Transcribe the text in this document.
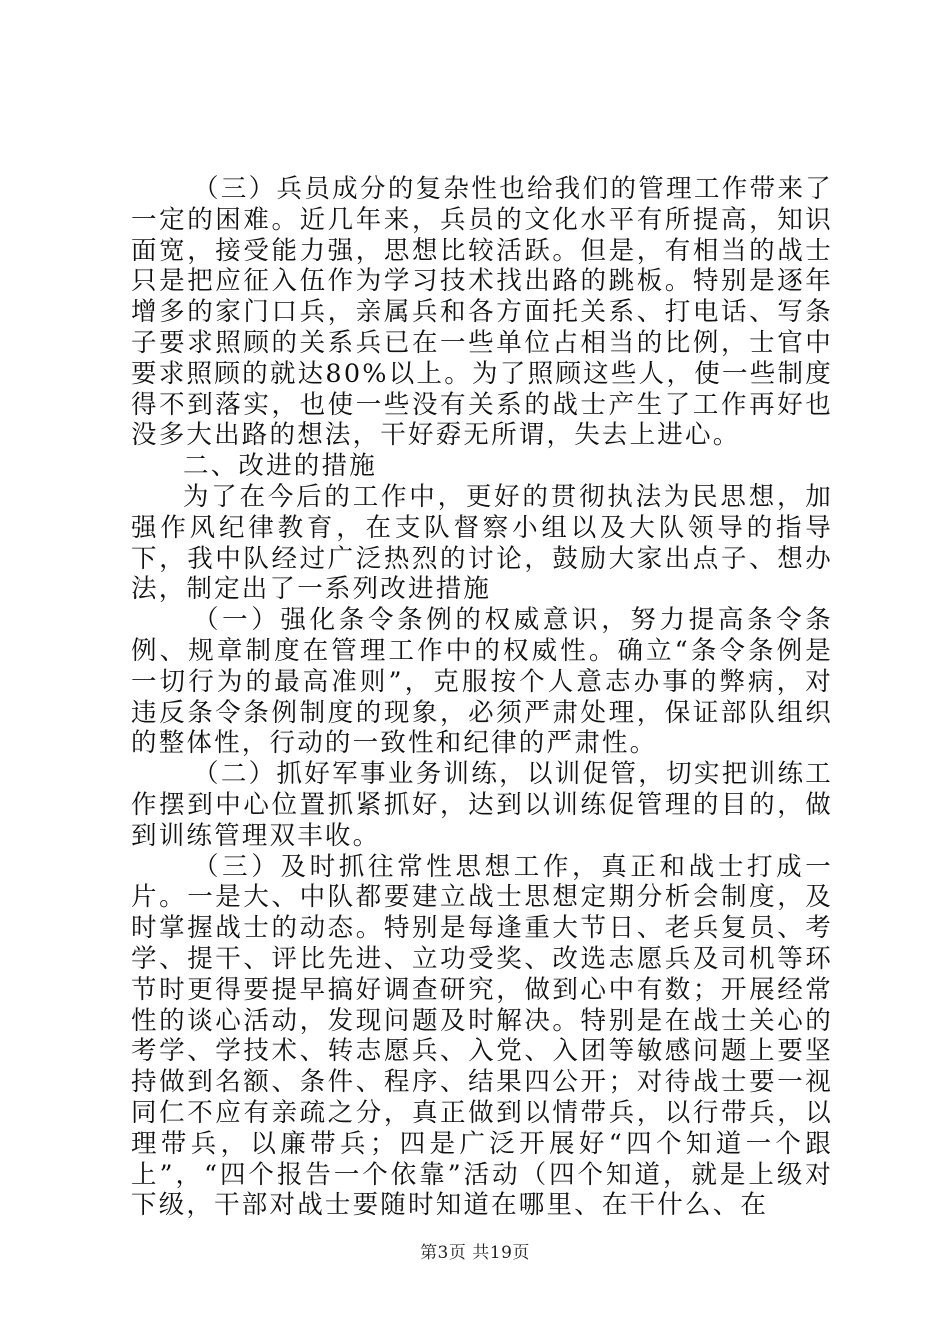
（三）兵员成分的复杂性也给我们的管理工作带来了一定的困难。近几年来，兵员的文化水平有所提高，知识面宽，接受能力强，思想比较活跃。但是，有相当的战士只是把应征入伍作为学习技术找出路的跳板。特别是逐年增多的家门口兵，亲属兵和各方面托关系、打电话、写条子要求照顾的关系兵已在一些单位占相当的比例，士官中要求照顾的就达80%以上。为了照顾这些人，使一些制度得不到落实，也使一些没有关系的战士产生了工作再好也没多大出路的想法，干好孬无所谓，失去上进心。

二、改进的措施

为了在今后的工作中，更好的贯彻执法为民思想，加强作风纪律教育，在支队督察小组以及大队领导的指导下，我中队经过广泛热烈的讨论，鼓励大家出点子、想办法，制定出了一系列改进措施

（一）强化条令条例的权威意识，努力提高条令条例、规章制度在管理工作中的权威性。确立“条令条例是一切行为的最高准则”，克服按个人意志办事的弊病，对违反条令条例制度的现象，必须严肃处理，保证部队组织的整体性，行动的一致性和纪律的严肃性。

（二）抓好军事业务训练，以训促管，切实把训练工作摆到中心位置抓紧抓好，达到以训练促管理的目的，做到训练管理双丰收。

（三）及时抓往常性思想工作，真正和战士打成一片。一是大、中队都要建立战士思想定期分析会制度，及时掌握战士的动态。特别是每逢重大节日、老兵复员、考学、提干、评比先进、立功受奖、改选志愿兵及司机等环节时更得要提早搞好调查研究，做到心中有数；开展经常性的谈心活动，发现问题及时解决。特别是在战士关心的考学、学技术、转志愿兵、入党、入团等敏感问题上要坚持做到名额、条件、程序、结果四公开；对待战士要一视同仁不应有亲疏之分，真正做到以情带兵，以行带兵，以理带兵，以廉带兵；四是广泛开展好“四个知道一个跟上”，“四个报告一个依靠”活动（四个知道，就是上级对下级，干部对战士要随时知道在哪里、在干什么、在

第3页 共19页
